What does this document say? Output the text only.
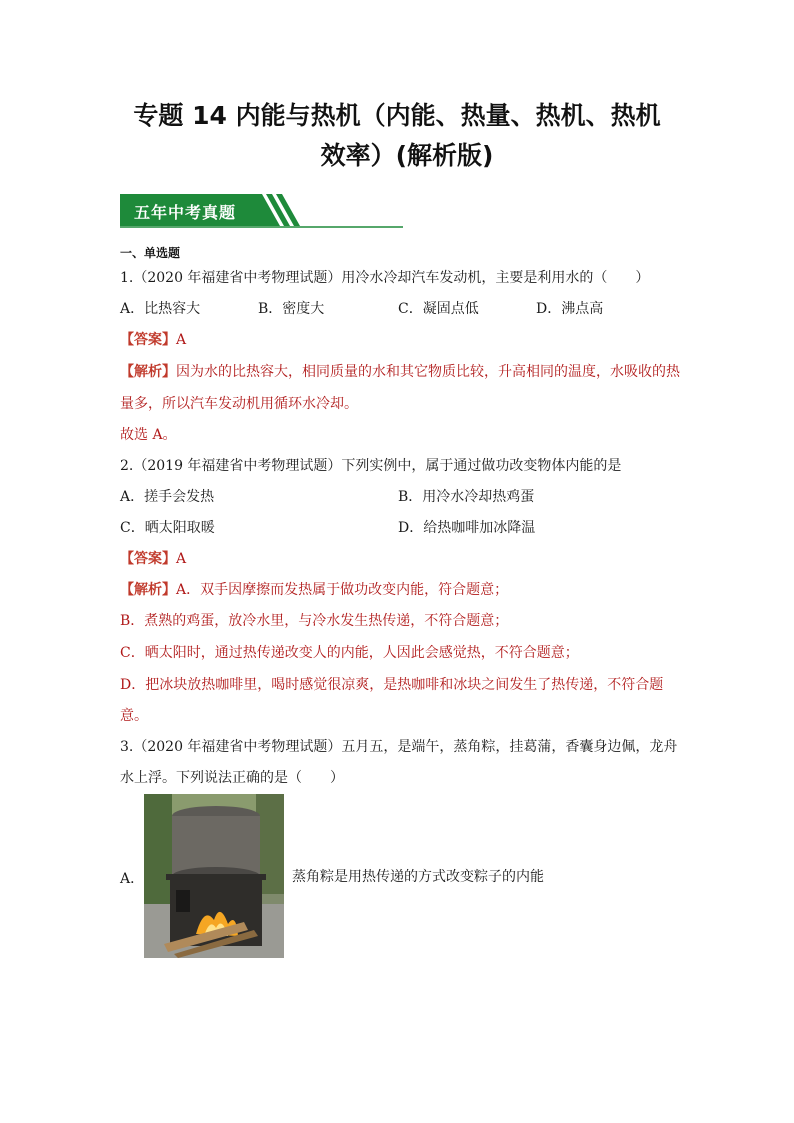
专题 14 内能与热机（内能、热量、热机、热机
效率）(解析版)
五年中考真题
一、单选题
1.（2020 年福建省中考物理试题）用冷水冷却汽车发动机，主要是利用水的（　　）
A．比热容大	B．密度大	C．凝固点低	D．沸点高
【答案】A
【解析】因为水的比热容大，相同质量的水和其它物质比较，升高相同的温度，水吸收的热
量多，所以汽车发动机用循环水冷却。
故选 A。
2.（2019 年福建省中考物理试题）下列实例中，属于通过做功改变物体内能的是
A．搓手会发热	B．用冷水冷却热鸡蛋
C．晒太阳取暖	D．给热咖啡加冰降温
【答案】A
【解析】A．双手因摩擦而发热属于做功改变内能，符合题意；
B．煮熟的鸡蛋，放冷水里，与冷水发生热传递，不符合题意；
C．晒太阳时，通过热传递改变人的内能，人因此会感觉热，不符合题意；
D．把冰块放热咖啡里，喝时感觉很凉爽，是热咖啡和冰块之间发生了热传递，不符合题
意。
3.（2020 年福建省中考物理试题）五月五，是端午，蒸角粽，挂葛蒲，香囊身边佩，龙舟
水上浮。下列说法正确的是（　　）
A．	蒸角粽是用热传递的方式改变粽子的内能
